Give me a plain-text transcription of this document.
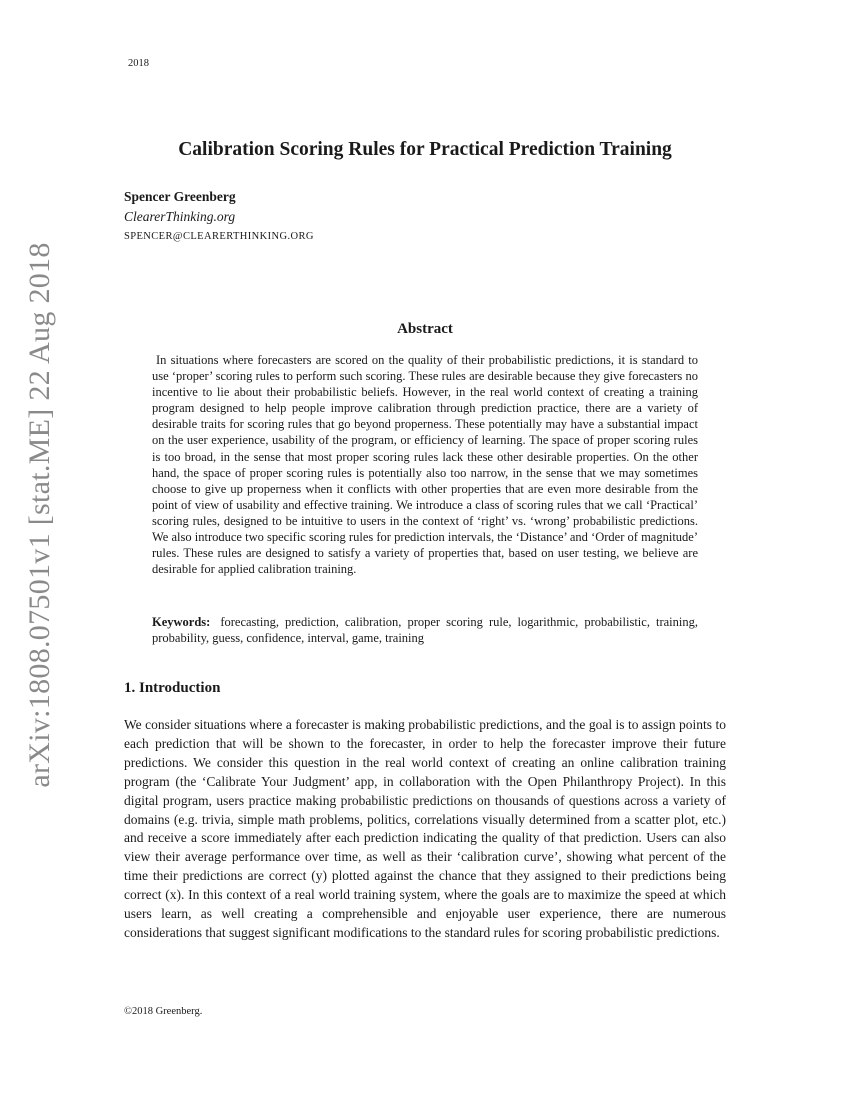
2018
arXiv:1808.07501v1 [stat.ME] 22 Aug 2018
Calibration Scoring Rules for Practical Prediction Training
Spencer Greenberg
ClearerThinking.org
SPENCER@CLEARERTHINKING.ORG
Abstract
In situations where forecasters are scored on the quality of their probabilistic predictions, it is standard to use ‘proper’ scoring rules to perform such scoring. These rules are desirable because they give forecasters no incentive to lie about their probabilistic beliefs. However, in the real world context of creating a training program designed to help people improve calibration through prediction practice, there are a variety of desirable traits for scoring rules that go beyond properness. These potentially may have a substantial impact on the user experience, usability of the program, or efficiency of learning. The space of proper scoring rules is too broad, in the sense that most proper scoring rules lack these other desirable properties. On the other hand, the space of proper scoring rules is potentially also too narrow, in the sense that we may sometimes choose to give up properness when it conflicts with other properties that are even more desirable from the point of view of usability and effective training. We introduce a class of scoring rules that we call ‘Practical’ scoring rules, designed to be intuitive to users in the context of ‘right’ vs. ‘wrong’ probabilistic predictions. We also introduce two specific scoring rules for prediction intervals, the ‘Distance’ and ‘Order of magnitude’ rules. These rules are designed to satisfy a variety of properties that, based on user testing, we believe are desirable for applied calibration training.
Keywords: forecasting, prediction, calibration, proper scoring rule, logarithmic, probabilistic, training, probability, guess, confidence, interval, game, training
1. Introduction
We consider situations where a forecaster is making probabilistic predictions, and the goal is to assign points to each prediction that will be shown to the forecaster, in order to help the forecaster improve their future predictions. We consider this question in the real world context of creating an online calibration training program (the ‘Calibrate Your Judgment’ app, in collaboration with the Open Philanthropy Project). In this digital program, users practice making probabilistic predictions on thousands of questions across a variety of domains (e.g. trivia, simple math problems, politics, correlations visually determined from a scatter plot, etc.) and receive a score immediately after each prediction indicating the quality of that prediction. Users can also view their average performance over time, as well as their ‘calibration curve’, showing what percent of the time their predictions are correct (y) plotted against the chance that they assigned to their predictions being correct (x). In this context of a real world training system, where the goals are to maximize the speed at which users learn, as well creating a comprehensible and enjoyable user experience, there are numerous considerations that suggest significant modifications to the standard rules for scoring probabilistic predictions.
©2018 Greenberg.
